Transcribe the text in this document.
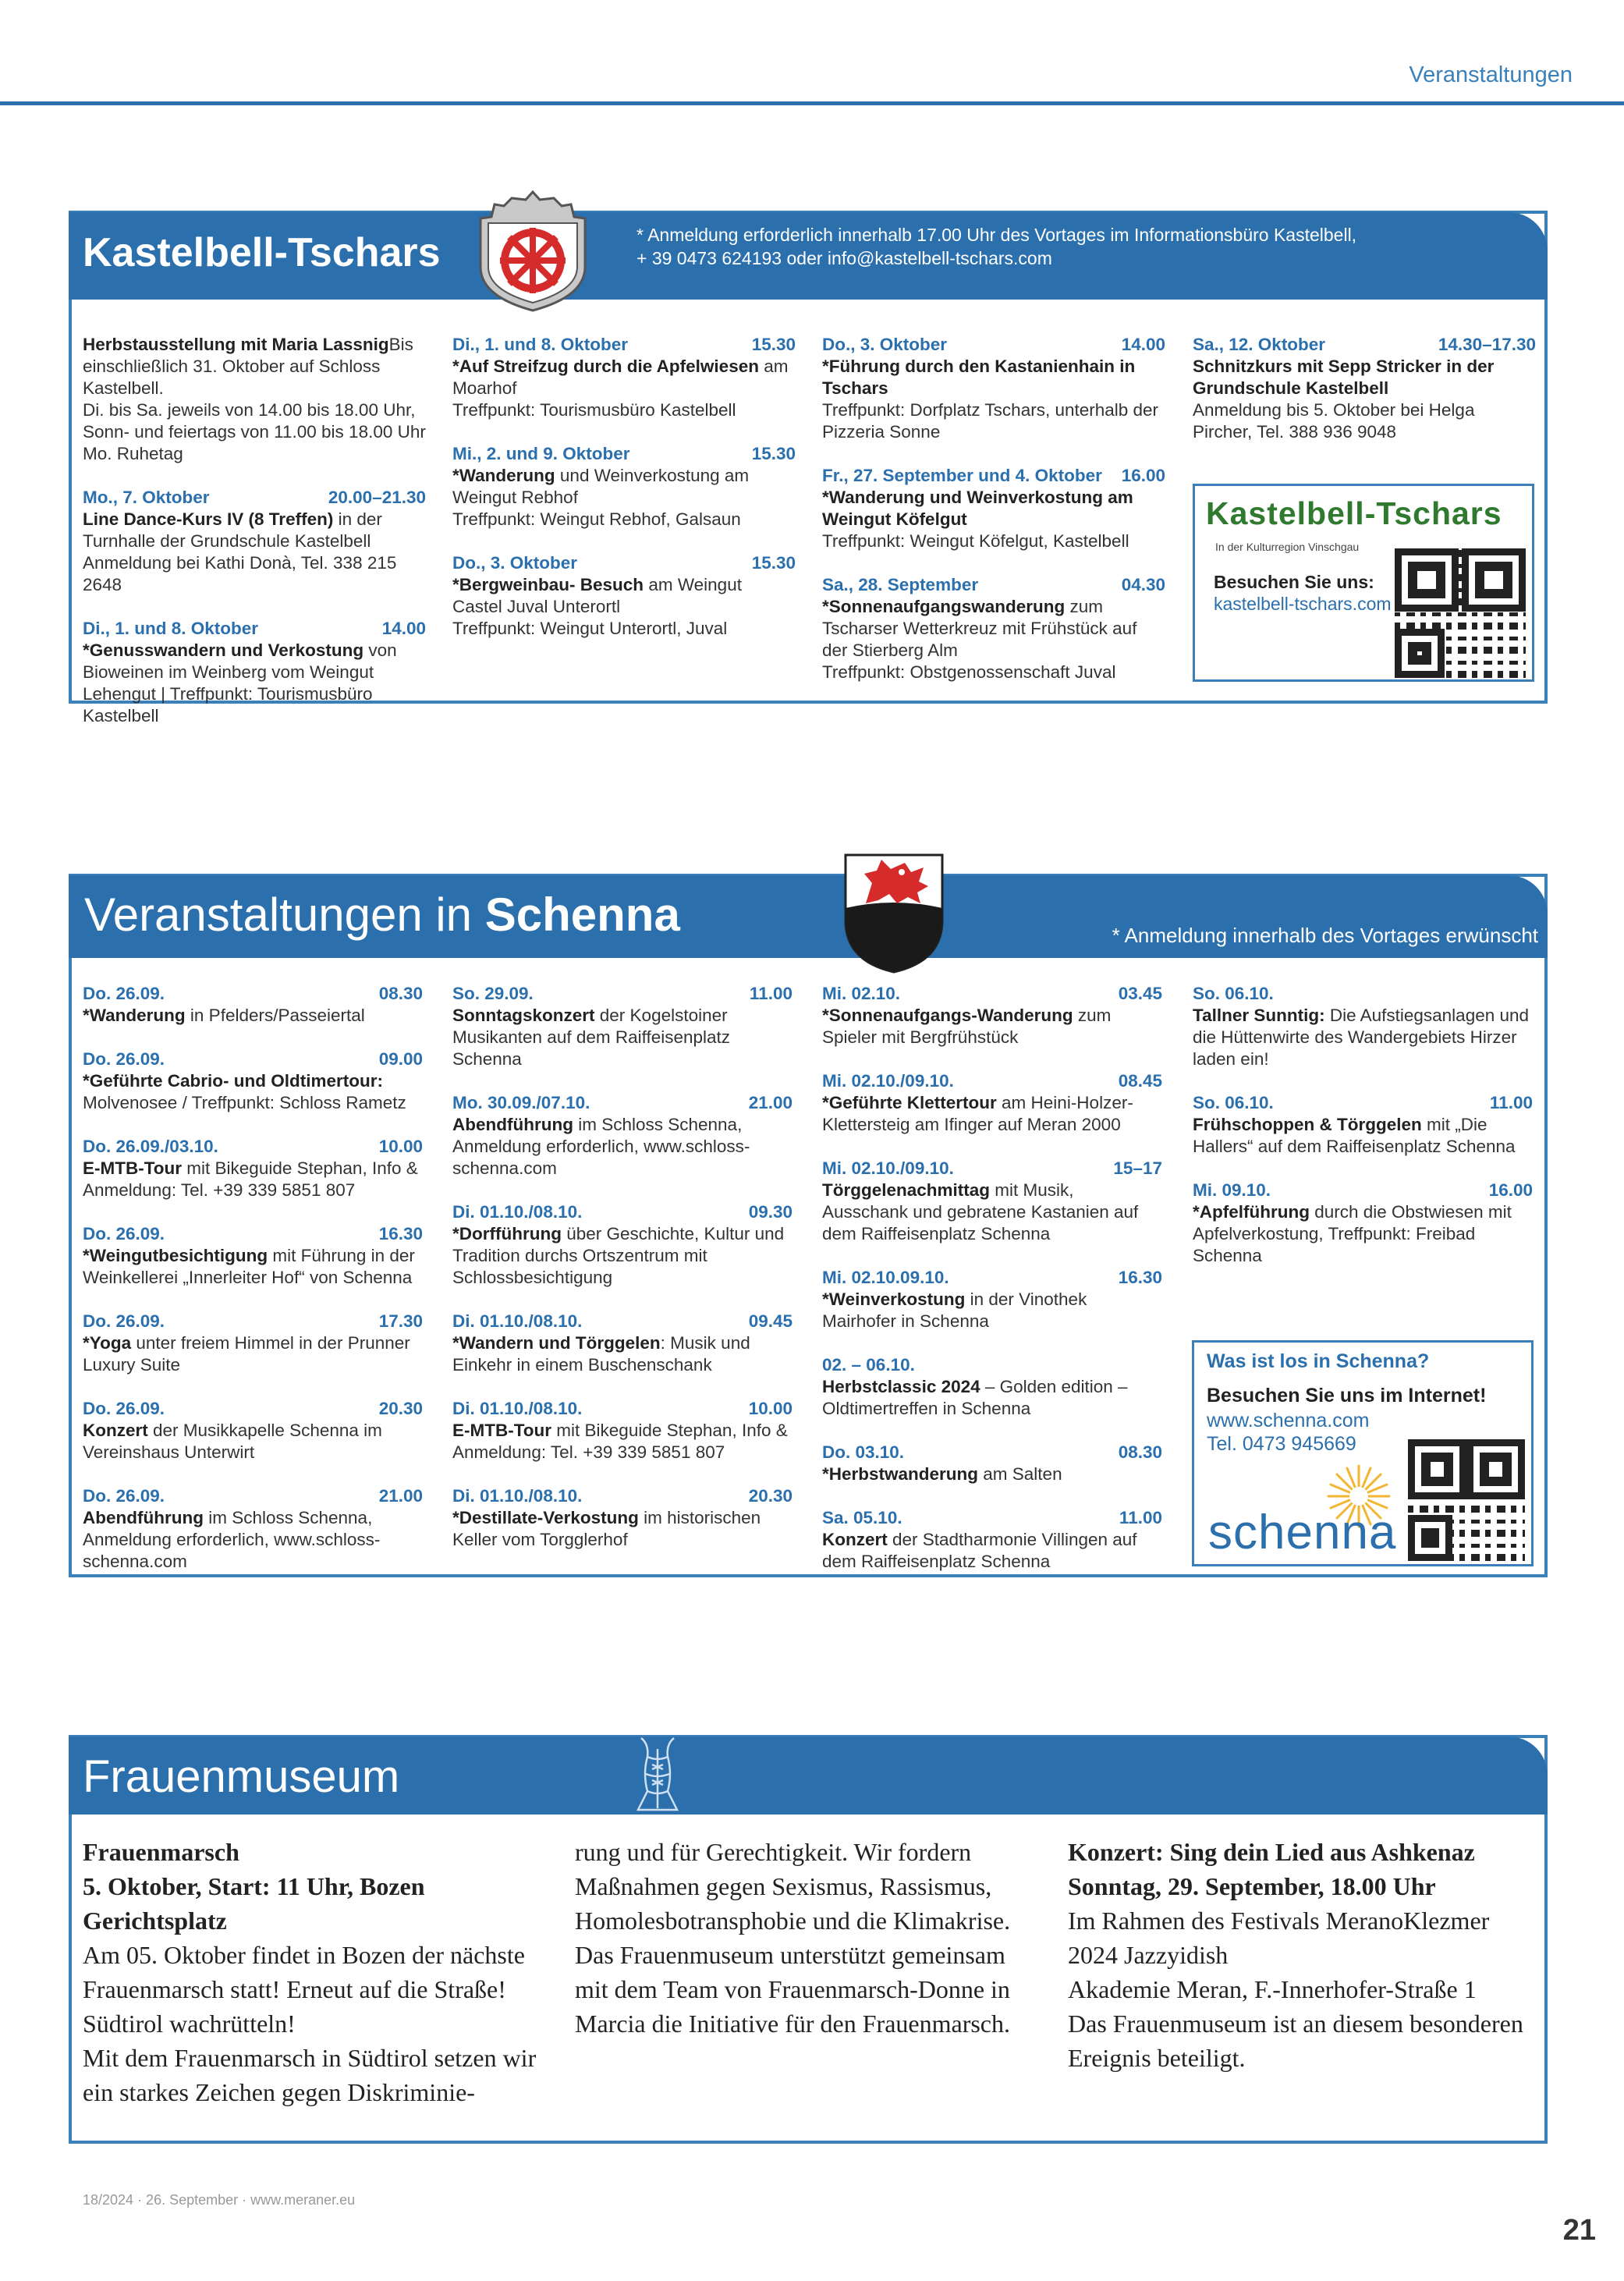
Veranstaltungen
Kastelbell-Tschars	* Anmeldung erforderlich innerhalb 17.00 Uhr des Vortages im Informationsbüro Kastelbell,
+ 39 0473 624193 oder info@kastelbell-tschars.com
Herbstausstellung mit Maria LassnigBis einschließlich 31. Oktober auf Schloss Kastelbell.
Di. bis Sa. jeweils von 14.00 bis 18.00 Uhr, Sonn- und feiertags von 11.00 bis 18.00 Uhr
Mo. Ruhetag
Mo., 7. Oktober	20.00–21.30
Line Dance-Kurs IV (8 Treffen) in der Turnhalle der Grundschule Kastelbell
Anmeldung bei Kathi Donà, Tel. 338 215 2648
Di., 1. und 8. Oktober	14.00
*Genusswandern und Verkostung von Bioweinen im Weinberg vom Weingut Lehengut | Treffpunkt: Tourismusbüro Kastelbell
Di., 1. und 8. Oktober	15.30
*Auf Streifzug durch die Apfelwiesen am Moarhof
Treffpunkt: Tourismusbüro Kastelbell
Mi., 2. und 9. Oktober	15.30
*Wanderung und Weinverkostung am Weingut Rebhof
Treffpunkt: Weingut Rebhof, Galsaun
Do., 3. Oktober	15.30
*Bergweinbau- Besuch am Weingut Castel Juval Unterortl
Treffpunkt: Weingut Unterortl, Juval
Do., 3. Oktober	14.00
*Führung durch den Kastanienhain in Tschars
Treffpunkt: Dorfplatz Tschars, unterhalb der Pizzeria Sonne
Fr., 27. September und 4. Oktober 16.00
*Wanderung und Weinverkostung am Weingut Köfelgut
Treffpunkt: Weingut Köfelgut, Kastelbell
Sa., 28. September	04.30
*Sonnenaufgangswanderung zum Tscharser Wetterkreuz mit Frühstück auf der Stierberg Alm
Treffpunkt: Obstgenossenschaft Juval
Sa., 12. Oktober	14.30–17.30
Schnitzkurs mit Sepp Stricker in der Grundschule Kastelbell
Anmeldung bis 5. Oktober bei Helga Pircher, Tel. 388 936 9048
Kastelbell-Tschars
In der Kulturregion Vinschgau
Besuchen Sie uns:
kastelbell-tschars.com
Veranstaltungen in Schenna	* Anmeldung innerhalb des Vortages erwünscht
Do. 26.09.	08.30
*Wanderung in Pfelders/Passeiertal
Do. 26.09.	09.00
*Geführte Cabrio- und Oldtimertour: Molvenosee / Treffpunkt: Schloss Rametz
Do. 26.09./03.10.	10.00
E-MTB-Tour mit Bikeguide Stephan, Info & Anmeldung: Tel. +39 339 5851 807
Do. 26.09.	16.30
*Weingutbesichtigung mit Führung in der Weinkellerei „Innerleiter Hof“ von Schenna
Do. 26.09.	17.30
*Yoga unter freiem Himmel in der Prunner Luxury Suite
Do. 26.09.	20.30
Konzert der Musikkapelle Schenna im Vereinshaus Unterwirt
Do. 26.09.	21.00
Abendführung im Schloss Schenna, Anmeldung erforderlich, www.schloss-schenna.com
So. 29.09.	11.00
Sonntagskonzert der Kogelstoiner Musikanten auf dem Raiffeisenplatz Schenna
Mo. 30.09./07.10.	21.00
Abendführung im Schloss Schenna, Anmeldung erforderlich, www.schloss-schenna.com
Di. 01.10./08.10.	09.30
*Dorfführung über Geschichte, Kultur und Tradition durchs Ortszentrum mit Schlossbesichtigung
Di. 01.10./08.10.	09.45
*Wandern und Törggelen: Musik und Einkehr in einem Buschenschank
Di. 01.10./08.10.	10.00
E-MTB-Tour mit Bikeguide Stephan, Info & Anmeldung: Tel. +39 339 5851 807
Di. 01.10./08.10.	20.30
*Destillate-Verkostung im historischen Keller vom Torgglerhof
Mi. 02.10.	03.45
*Sonnenaufgangs-Wanderung zum Spieler mit Bergfrühstück
Mi. 02.10./09.10.	08.45
*Geführte Klettertour am Heini-Holzer-Klettersteig am Ifinger auf Meran 2000
Mi. 02.10./09.10.	15–17
Törggelenachmittag mit Musik, Ausschank und gebratene Kastanien auf dem Raiffeisenplatz Schenna
Mi. 02.10.09.10.	16.30
*Weinverkostung in der Vinothek Mairhofer in Schenna
02. – 06.10.
Herbstclassic 2024 – Golden edition – Oldtimertreffen in Schenna
Do. 03.10.	08.30
*Herbstwanderung am Salten
Sa. 05.10.	11.00
Konzert der Stadtharmonie Villingen auf dem Raiffeisenplatz Schenna
So. 06.10.
Tallner Sunntig: Die Aufstiegsanlagen und die Hüttenwirte des Wandergebiets Hirzer laden ein!
So. 06.10.	11.00
Frühschoppen & Törggelen mit „Die Hallers“ auf dem Raiffeisenplatz Schenna
Mi. 09.10.	16.00
*Apfelführung durch die Obstwiesen mit Apfelverkostung, Treffpunkt: Freibad Schenna
Was ist los in Schenna?
Besuchen Sie uns im Internet!
www.schenna.com
Tel. 0473 945669
schenna
Frauenmuseum
Frauenmarsch
5. Oktober, Start: 11 Uhr, Bozen Gerichtsplatz
Am 05. Oktober findet in Bozen der nächste Frauenmarsch statt! Erneut auf die Straße! Südtirol wachrütteln!
Mit dem Frauenmarsch in Südtirol setzen wir ein starkes Zeichen gegen Diskriminie-
rung und für Gerechtigkeit. Wir fordern Maßnahmen gegen Sexismus, Rassismus, Homolesbotransphobie und die Klimakrise. Das Frauenmuseum unterstützt gemeinsam mit dem Team von Frauenmarsch-Donne in Marcia die Initiative für den Frauenmarsch.
Konzert: Sing dein Lied aus Ashkenaz
Sonntag, 29. September, 18.00 Uhr
Im Rahmen des Festivals MeranoKlezmer 2024 Jazzyidish
Akademie Meran, F.-Innerhofer-Straße 1
Das Frauenmuseum ist an diesem besonderen Ereignis beteiligt.
18/2024 · 26. September · www.meraner.eu
21
